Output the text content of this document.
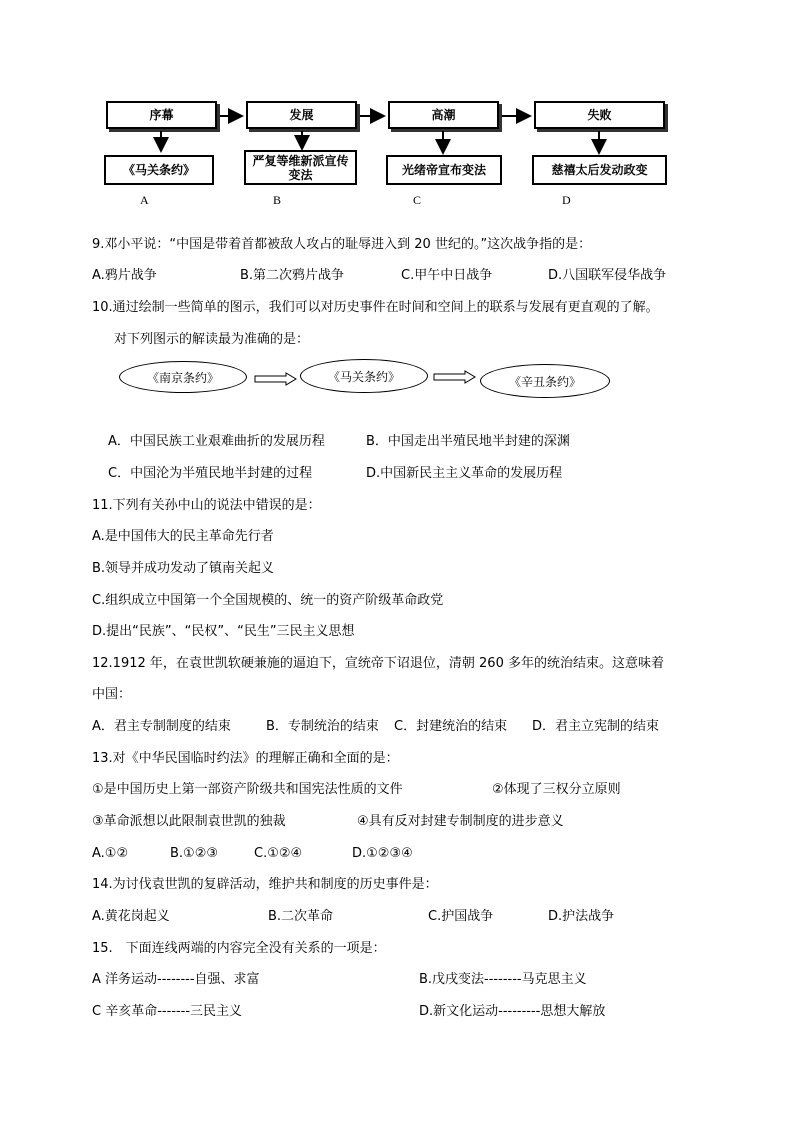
序幕	发展	高潮	失败
《马关条约》
严复等维新派宣传变法	光绪帝宣布变法	慈禧太后发动政变
A	B	C	D
9.邓小平说：“中国是带着首都被敌人攻占的耻辱进入到 20 世纪的。”这次战争指的是：
A.鸦片战争	B.第二次鸦片战争	C.甲午中日战争	D.八国联军侵华战争
10.通过绘制一些简单的图示，我们可以对历史事件在时间和空间上的联系与发展有更直观的了解。
对下列图示的解读最为准确的是：
《南京条约》	《马关条约》	《辛丑条约》
A．中国民族工业艰难曲折的发展历程	B．中国走出半殖民地半封建的深渊
C．中国沦为半殖民地半封建的过程	D.中国新民主主义革命的发展历程
11.下列有关孙中山的说法中错误的是：
A.是中国伟大的民主革命先行者
B.领导并成功发动了镇南关起义
C.组织成立中国第一个全国规模的、统一的资产阶级革命政党
D.提出“民族”、“民权”、“民生”三民主义思想
12.1912 年，在袁世凯软硬兼施的逼迫下，宣统帝下诏退位，清朝 260 多年的统治结束。这意味着
中国：
A．君主专制制度的结束	B．专制统治的结束 C．封建统治的结束 D．君主立宪制的结束
13.对《中华民国临时约法》的理解正确和全面的是：
①是中国历史上第一部资产阶级共和国宪法性质的文件	②体现了三权分立原则
③革命派想以此限制袁世凯的独裁	④具有反对封建专制制度的进步意义
A.①②	B.①②③	C.①②④	D.①②③④
14.为讨伐袁世凯的复辟活动，维护共和制度的历史事件是：
A.黄花岗起义	B.二次革命	C.护国战争	D.护法战争
15.　下面连线两端的内容完全没有关系的一项是：
A 洋务运动--------自强、求富	B.戊戌变法--------马克思主义
C 辛亥革命-------三民主义	D.新文化运动---------思想大解放
